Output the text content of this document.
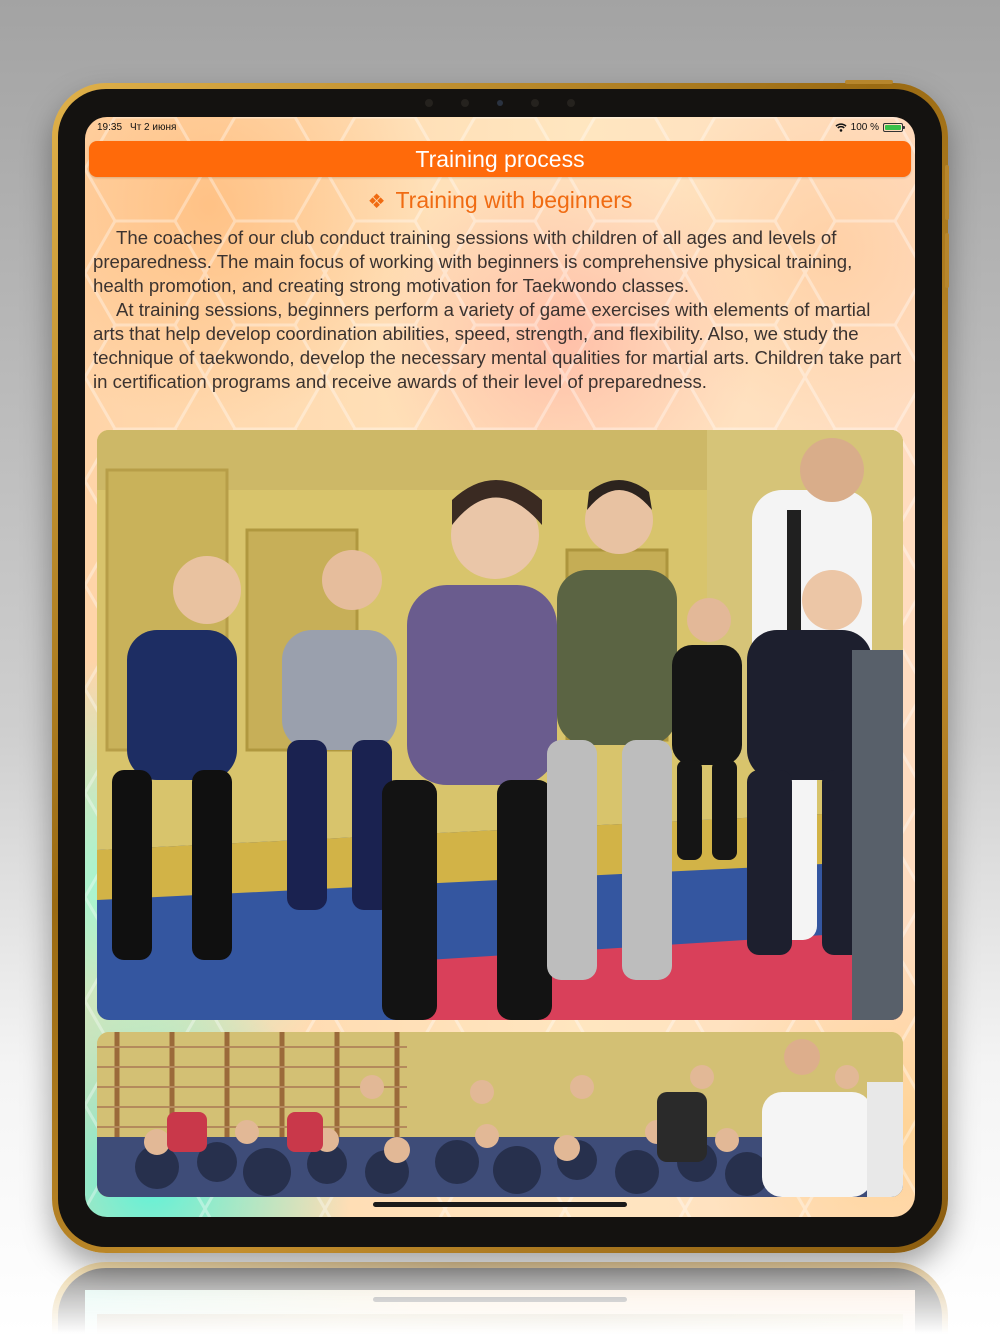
19:35 Чт 2 июня	100 %
Training process
❖ Training with beginners

The coaches of our club conduct training sessions with children of all ages and levels of preparedness. The main focus of working with beginners is comprehensive physical training, health promotion, and creating strong motivation for Taekwondo classes.

At training sessions, beginners perform a variety of game exercises with elements of martial arts that help develop coordination abilities, speed, strength, and flexibility. Also, we study the technique of taekwondo, develop the necessary mental qualities for martial arts. Children take part in certification programs and receive awards of their level of preparedness.
